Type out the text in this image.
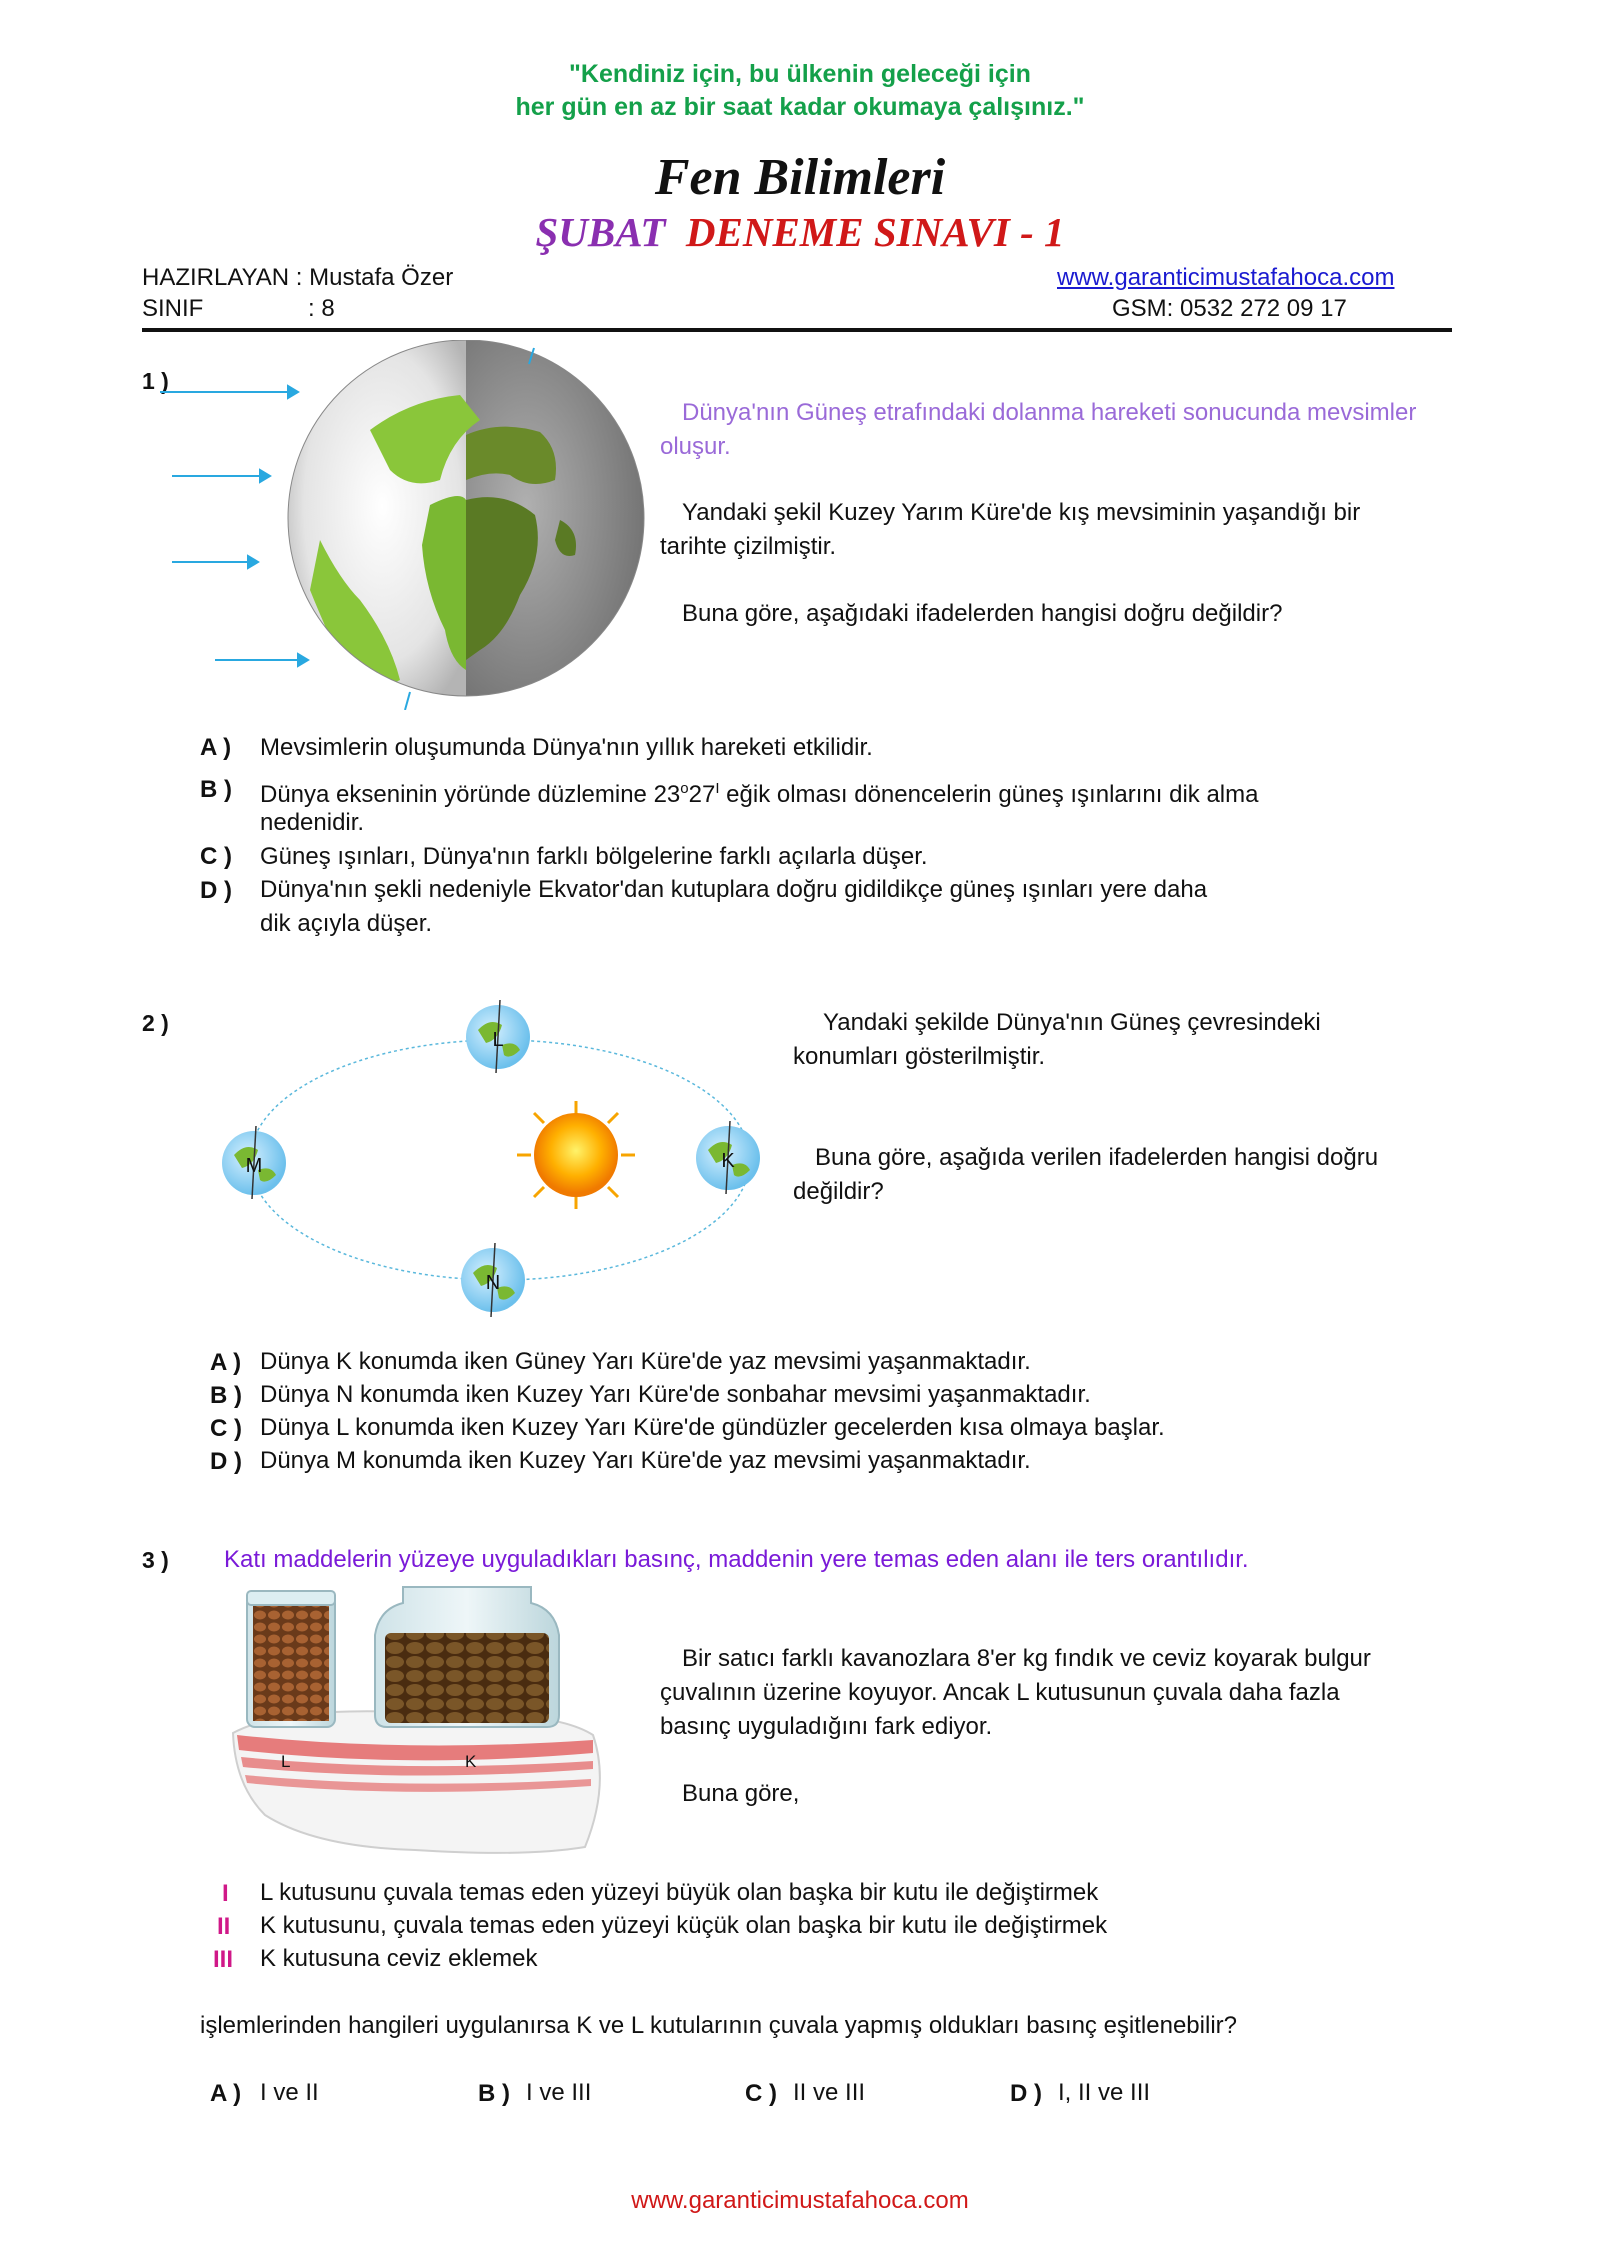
"Kendiniz için, bu ülkenin geleceği için
her gün en az bir saat kadar okumaya çalışınız."
Fen Bilimleri
ŞUBAT DENEME SINAVI - 1
HAZIRLAYAN : Mustafa Özer
SINIF	: 8
www.garanticimustafahoca.com
GSM: 0532 272 09 17
1 )
Dünya'nın Güneş etrafındaki dolanma hareketi sonucunda mevsimler oluşur.
Yandaki şekil Kuzey Yarım Küre'de kış mevsiminin yaşandığı bir tarihte çizilmiştir.
Buna göre, aşağıdaki ifadelerden hangisi doğru değildir?
A ) Mevsimlerin oluşumunda Dünya'nın yıllık hareketi etkilidir.
B ) Dünya ekseninin yöründe düzlemine $23^o27^I$ eğik olması dönencelerin güneş ışınlarını dik alma
nedenidir.
C ) Güneş ışınları, Dünya'nın farklı bölgelerine farklı açılarla düşer.
D ) Dünya'nın şekli nedeniyle Ekvator'dan kutuplara doğru gidildikçe güneş ışınları yere daha
dik açıyla düşer.
2 )
L
M	K
N
Yandaki şekilde Dünya'nın Güneş çevresindeki konumları gösterilmiştir.
Buna göre, aşağıda verilen ifadelerden hangisi doğru değildir?
A ) Dünya K konumda iken Güney Yarı Küre'de yaz mevsimi yaşanmaktadır.
B ) Dünya N konumda iken Kuzey Yarı Küre'de sonbahar mevsimi yaşanmaktadır.
C ) Dünya L konumda iken Kuzey Yarı Küre'de gündüzler gecelerden kısa olmaya başlar.
D ) Dünya M konumda iken Kuzey Yarı Küre'de yaz mevsimi yaşanmaktadır.
3 ) Katı maddelerin yüzeye uyguladıkları basınç, maddenin yere temas eden alanı ile ters orantılıdır.
L	K
Bir satıcı farklı kavanozlara 8'er kg fındık ve ceviz koyarak bulgur çuvalının üzerine koyuyor. Ancak L kutusunun çuvala daha fazla basınç uyguladığını fark ediyor.
Buna göre,
I L kutusunu çuvala temas eden yüzeyi büyük olan başka bir kutu ile değiştirmek
II K kutusunu, çuvala temas eden yüzeyi küçük olan başka bir kutu ile değiştirmek
III K kutusuna ceviz eklemek
işlemlerinden hangileri uygulanırsa K ve L kutularının çuvala yapmış oldukları basınç eşitlenebilir?
A ) I ve II	B ) I ve III	C ) II ve III	D ) I, II ve III
www.garanticimustafahoca.com
